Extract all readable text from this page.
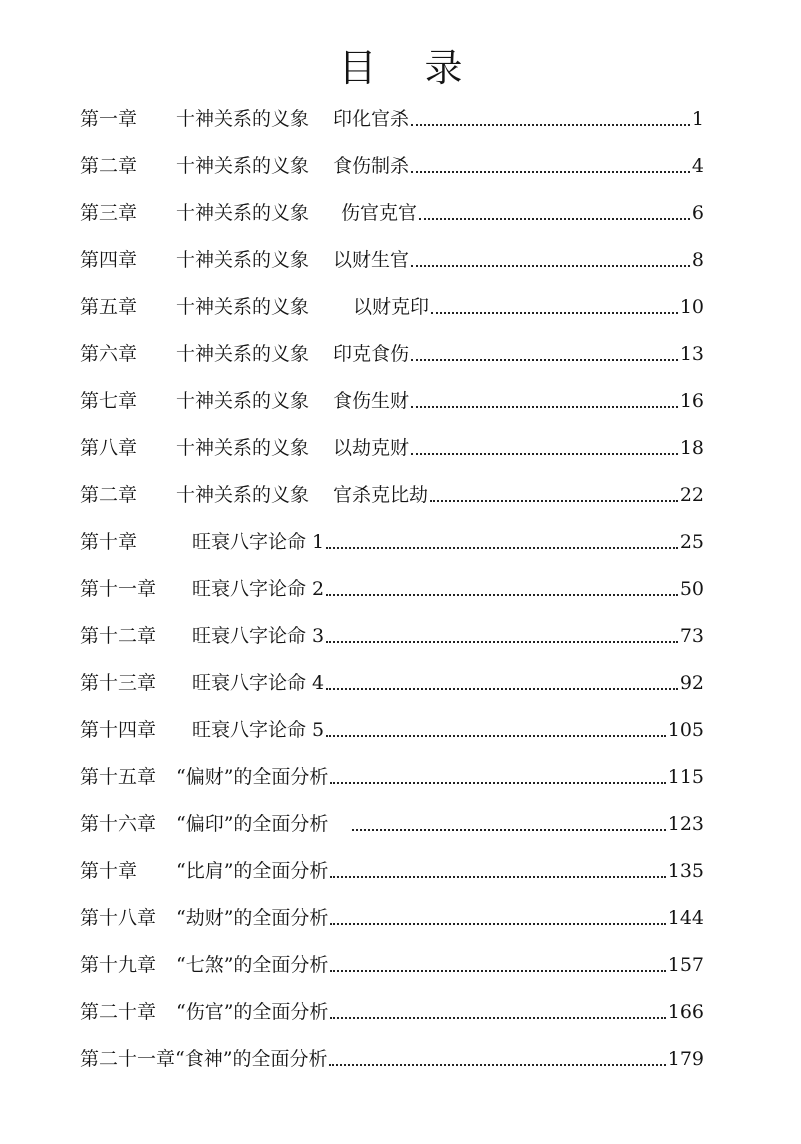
目录
第一章	十神关系的义象 印化官杀	1
第二章	十神关系的义象 食伤制杀	4
第三章	十神关系的义象 伤官克官	6
第四章	十神关系的义象 以财生官	8
第五章	十神关系的义象 以财克印	10
第六章	十神关系的义象 印克食伤	13
第七章	十神关系的义象 食伤生财	16
第八章	十神关系的义象 以劫克财	18
第二章	十神关系的义象 官杀克比劫	22
第十章	旺衰八字论命 1	25
第十一章	旺衰八字论命 2	50
第十二章	旺衰八字论命 3	73
第十三章	旺衰八字论命 4	92
第十四章	旺衰八字论命 5	105
第十五章	“偏财”的全面分析	115
第十六章	“偏印”的全面分析	123
第十章	“比肩”的全面分析	135
第十八章	“劫财”的全面分析	144
第十九章	“七煞”的全面分析	157
第二十章	“伤官”的全面分析	166
第二十一章 “食神”的全面分析	179
